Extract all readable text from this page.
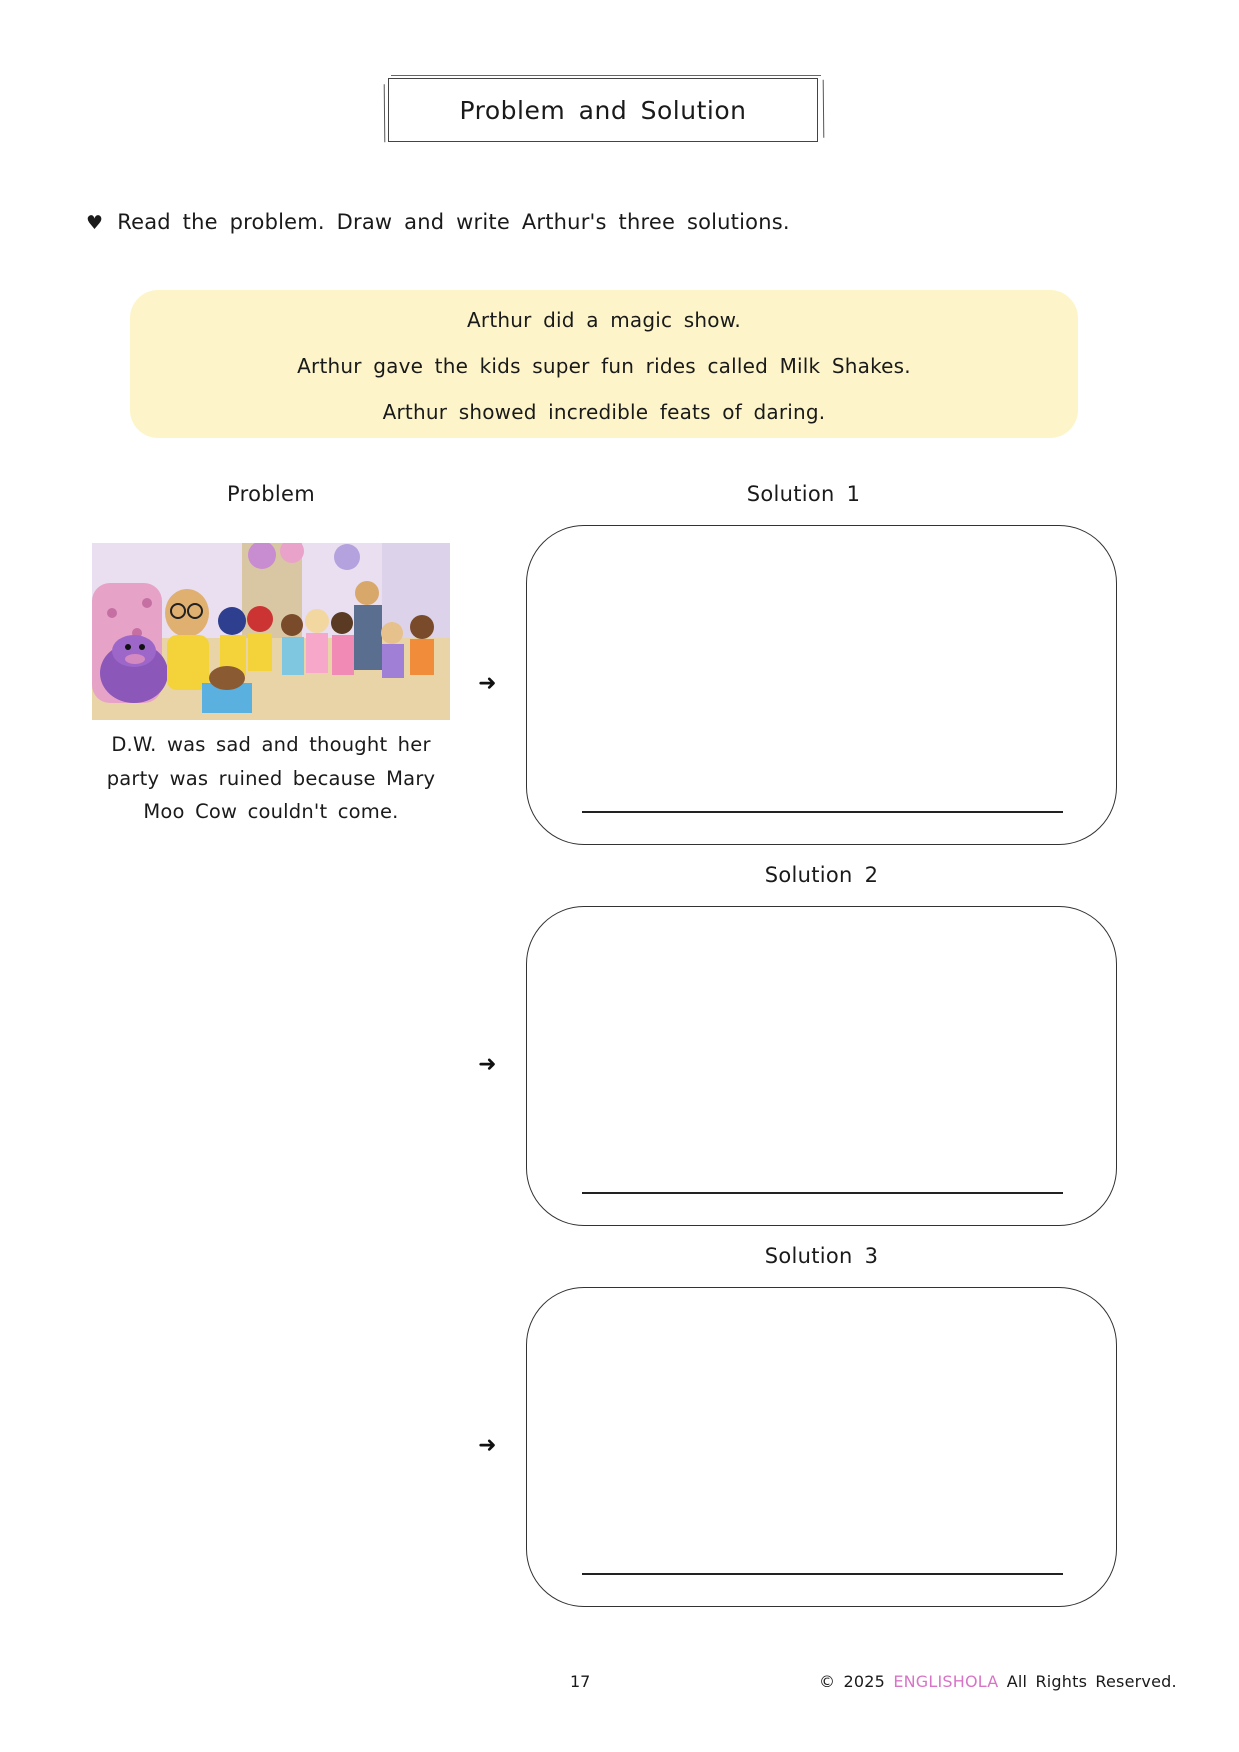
Problem and Solution
♥ Read the problem. Draw and write Arthur's three solutions.
Arthur did a magic show.
Arthur gave the kids super fun rides called Milk Shakes.
Arthur showed incredible feats of daring.
Problem
D.W. was sad and thought her party was ruined because Mary Moo Cow couldn't come.
Solution 1
➜
Solution 2
➜
Solution 3
➜
17	© 2025 ENGLISHOLA All Rights Reserved.
